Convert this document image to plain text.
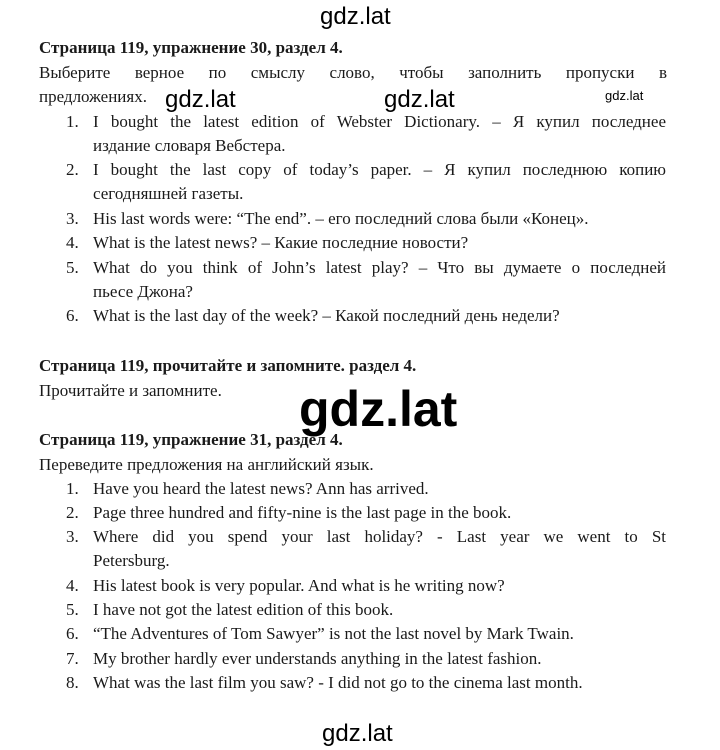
gdz.lat
gdz.lat	gdz.lat	gdz.lat
Страница 119, упражнение 30, раздел 4.
Выберите верное по смыслу слово, чтобы заполнить пропуски в
предложениях.
1. I bought the latest edition of Webster Dictionary. – Я купил последнее
издание словаря Вебстера.
2. I bought the last copy of today’s paper. – Я купил последнюю копию
сегодняшней газеты.
3. His last words were: “The end”. – его последний слова были «Конец».
4. What is the latest news? – Какие последние новости?
5. What do you think of John’s latest play? – Что вы думаете о последней
пьесе Джона?
6. What is the last day of the week? – Какой последний день недели?
Страница 119, прочитайте и запомните. раздел 4.
Прочитайте и запомните.	gdz.lat
Страница 119, упражнение 31, раздел 4.
Переведите предложения на английский язык.
1. Have you heard the latest news? Ann has arrived.
2. Page three hundred and fifty-nine is the last page in the book.
3. Where did you spend your last holiday? - Last year we went to St
Petersburg.
4. His latest book is very popular. And what is he writing now?
5. I have not got the latest edition of this book.
6. “The Adventures of Tom Sawyer” is not the last novel by Mark Twain.
7. My brother hardly ever understands anything in the latest fashion.
8. What was the last film you saw? - I did not go to the cinema last month.
gdz.lat
